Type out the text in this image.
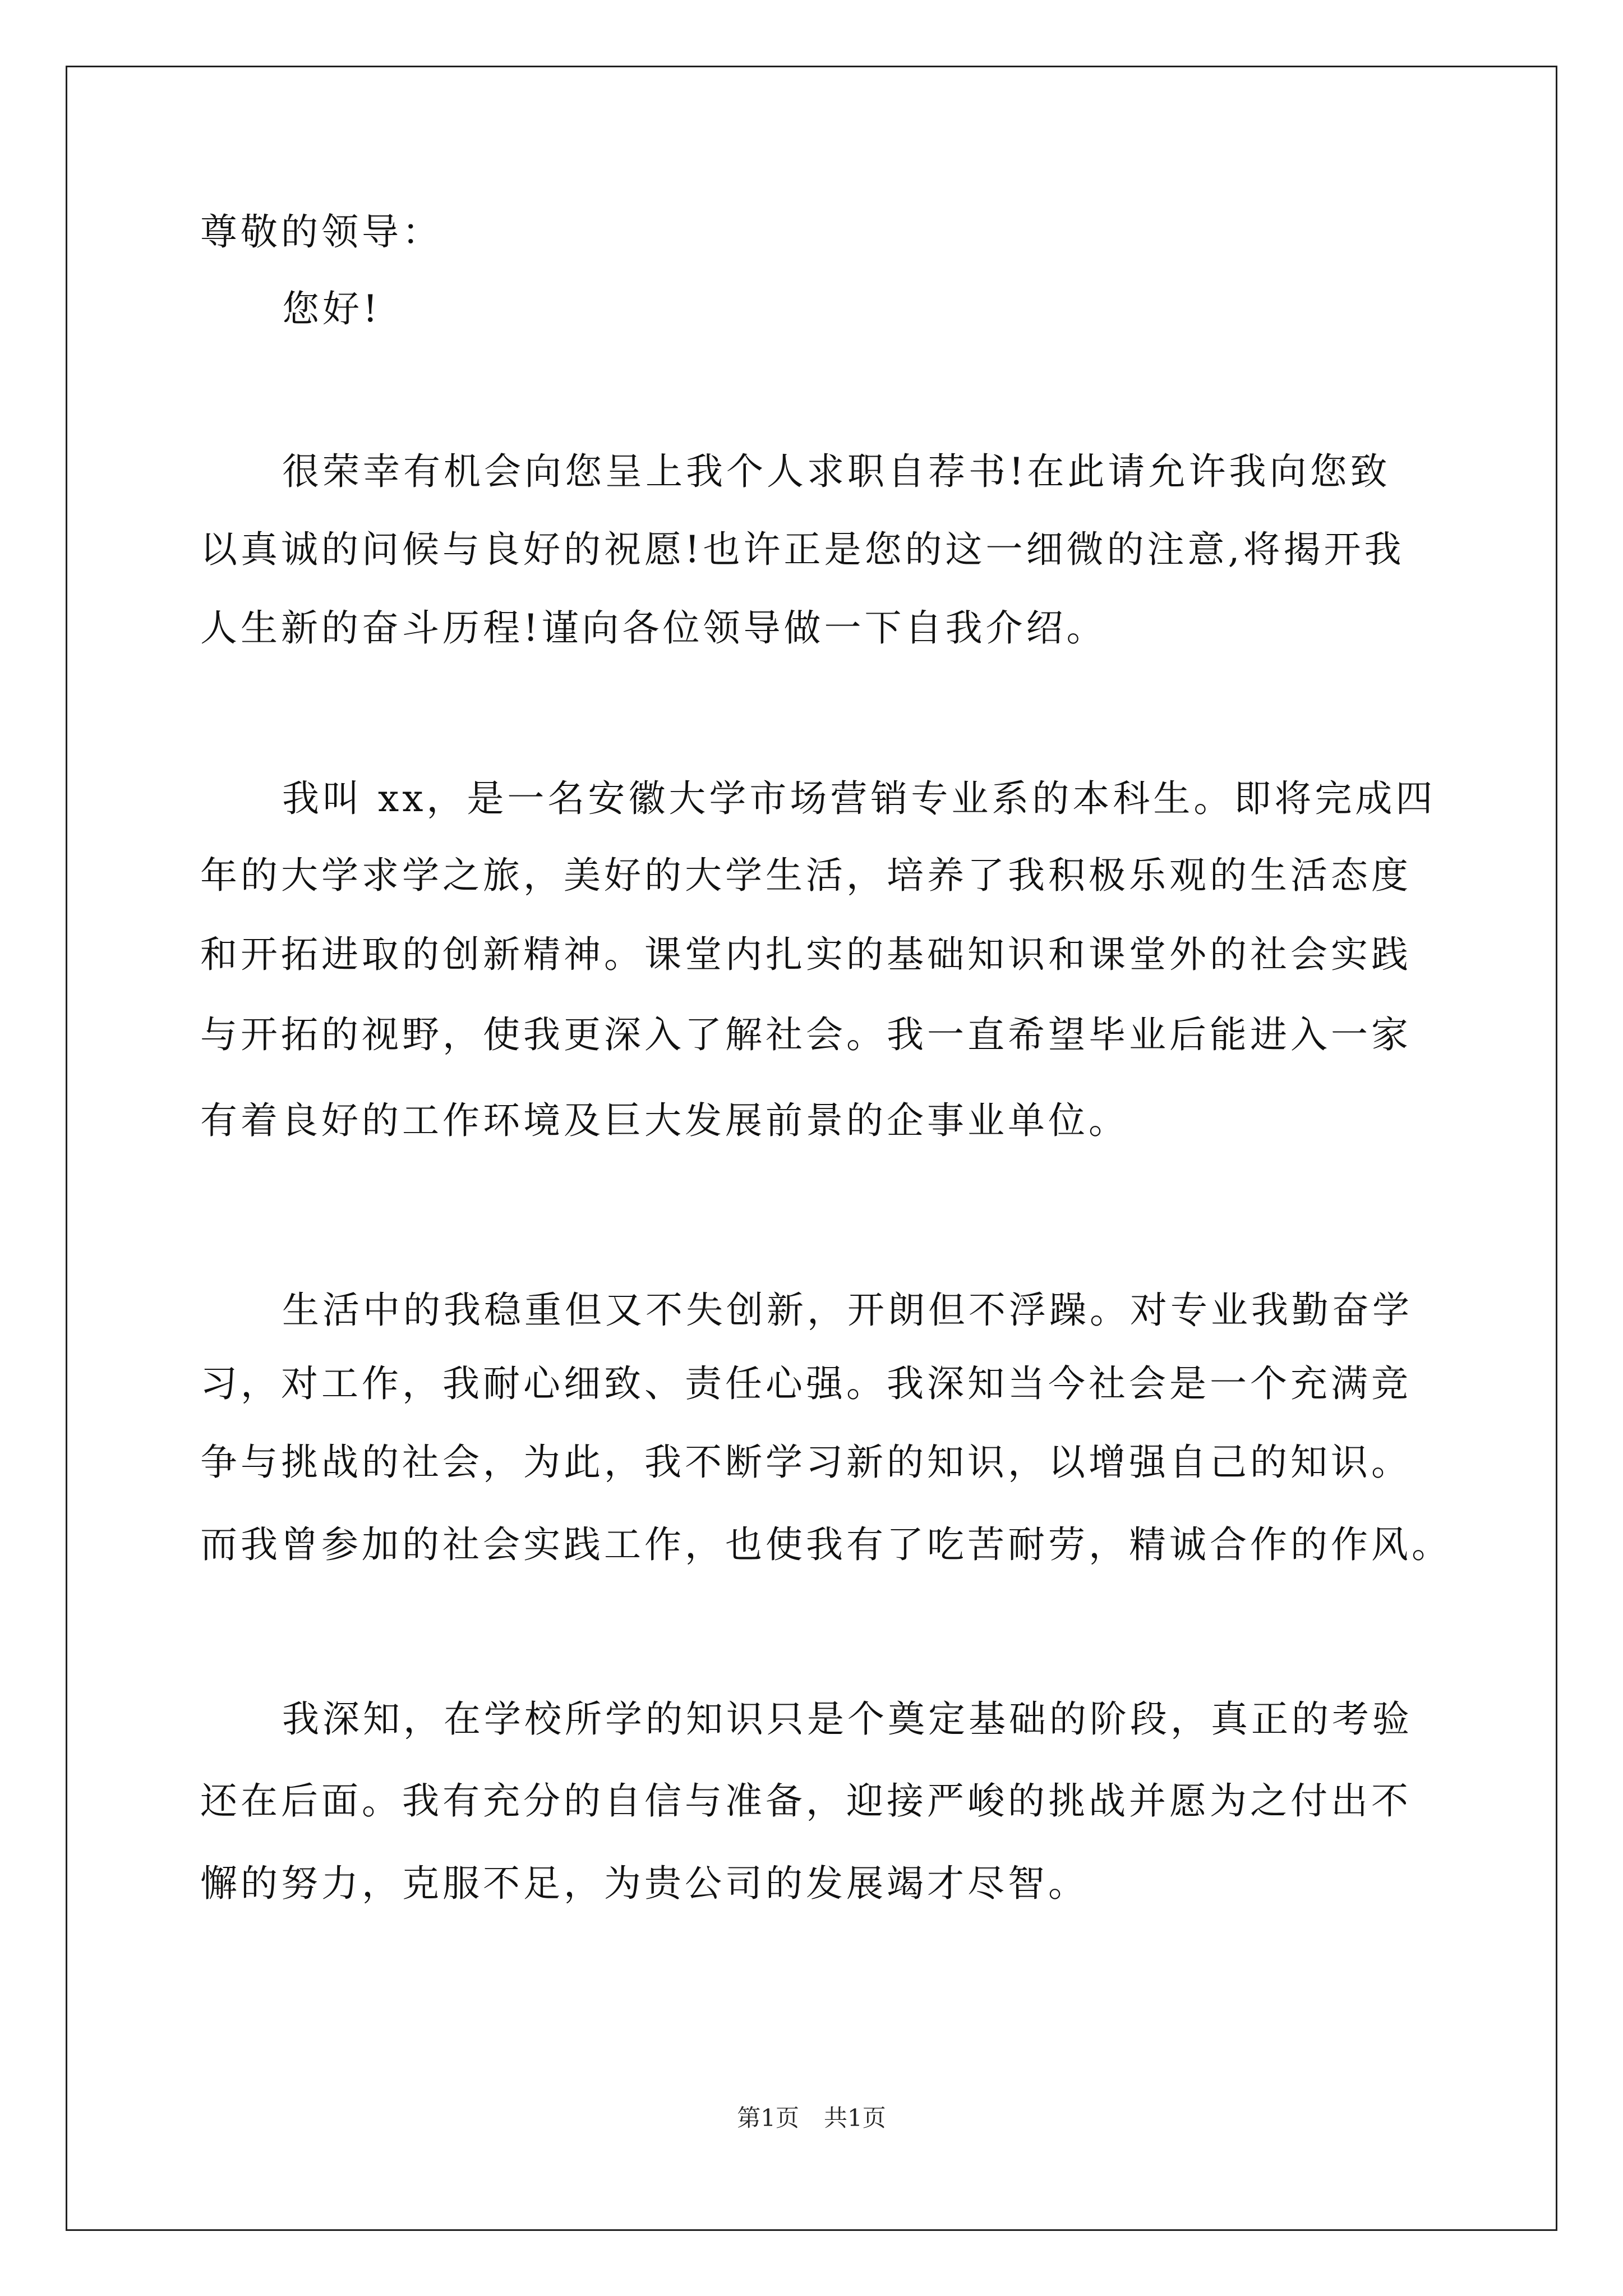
尊敬的领导：
您好!
很荣幸有机会向您呈上我个人求职自荐书!在此请允许我向您致
以真诚的问候与良好的祝愿!也许正是您的这一细微的注意,将揭开我
人生新的奋斗历程!谨向各位领导做一下自我介绍。
我叫 xx，是一名安徽大学市场营销专业系的本科生。即将完成四
年的大学求学之旅，美好的大学生活，培养了我积极乐观的生活态度
和开拓进取的创新精神。课堂内扎实的基础知识和课堂外的社会实践
与开拓的视野，使我更深入了解社会。我一直希望毕业后能进入一家
有着良好的工作环境及巨大发展前景的企事业单位。
生活中的我稳重但又不失创新，开朗但不浮躁。对专业我勤奋学
习，对工作，我耐心细致、责任心强。我深知当今社会是一个充满竞
争与挑战的社会，为此，我不断学习新的知识，以增强自己的知识。
而我曾参加的社会实践工作，也使我有了吃苦耐劳，精诚合作的作风。
我深知，在学校所学的知识只是个奠定基础的阶段，真正的考验
还在后面。我有充分的自信与准备，迎接严峻的挑战并愿为之付出不
懈的努力，克服不足，为贵公司的发展竭才尽智。
第1页 共1页
